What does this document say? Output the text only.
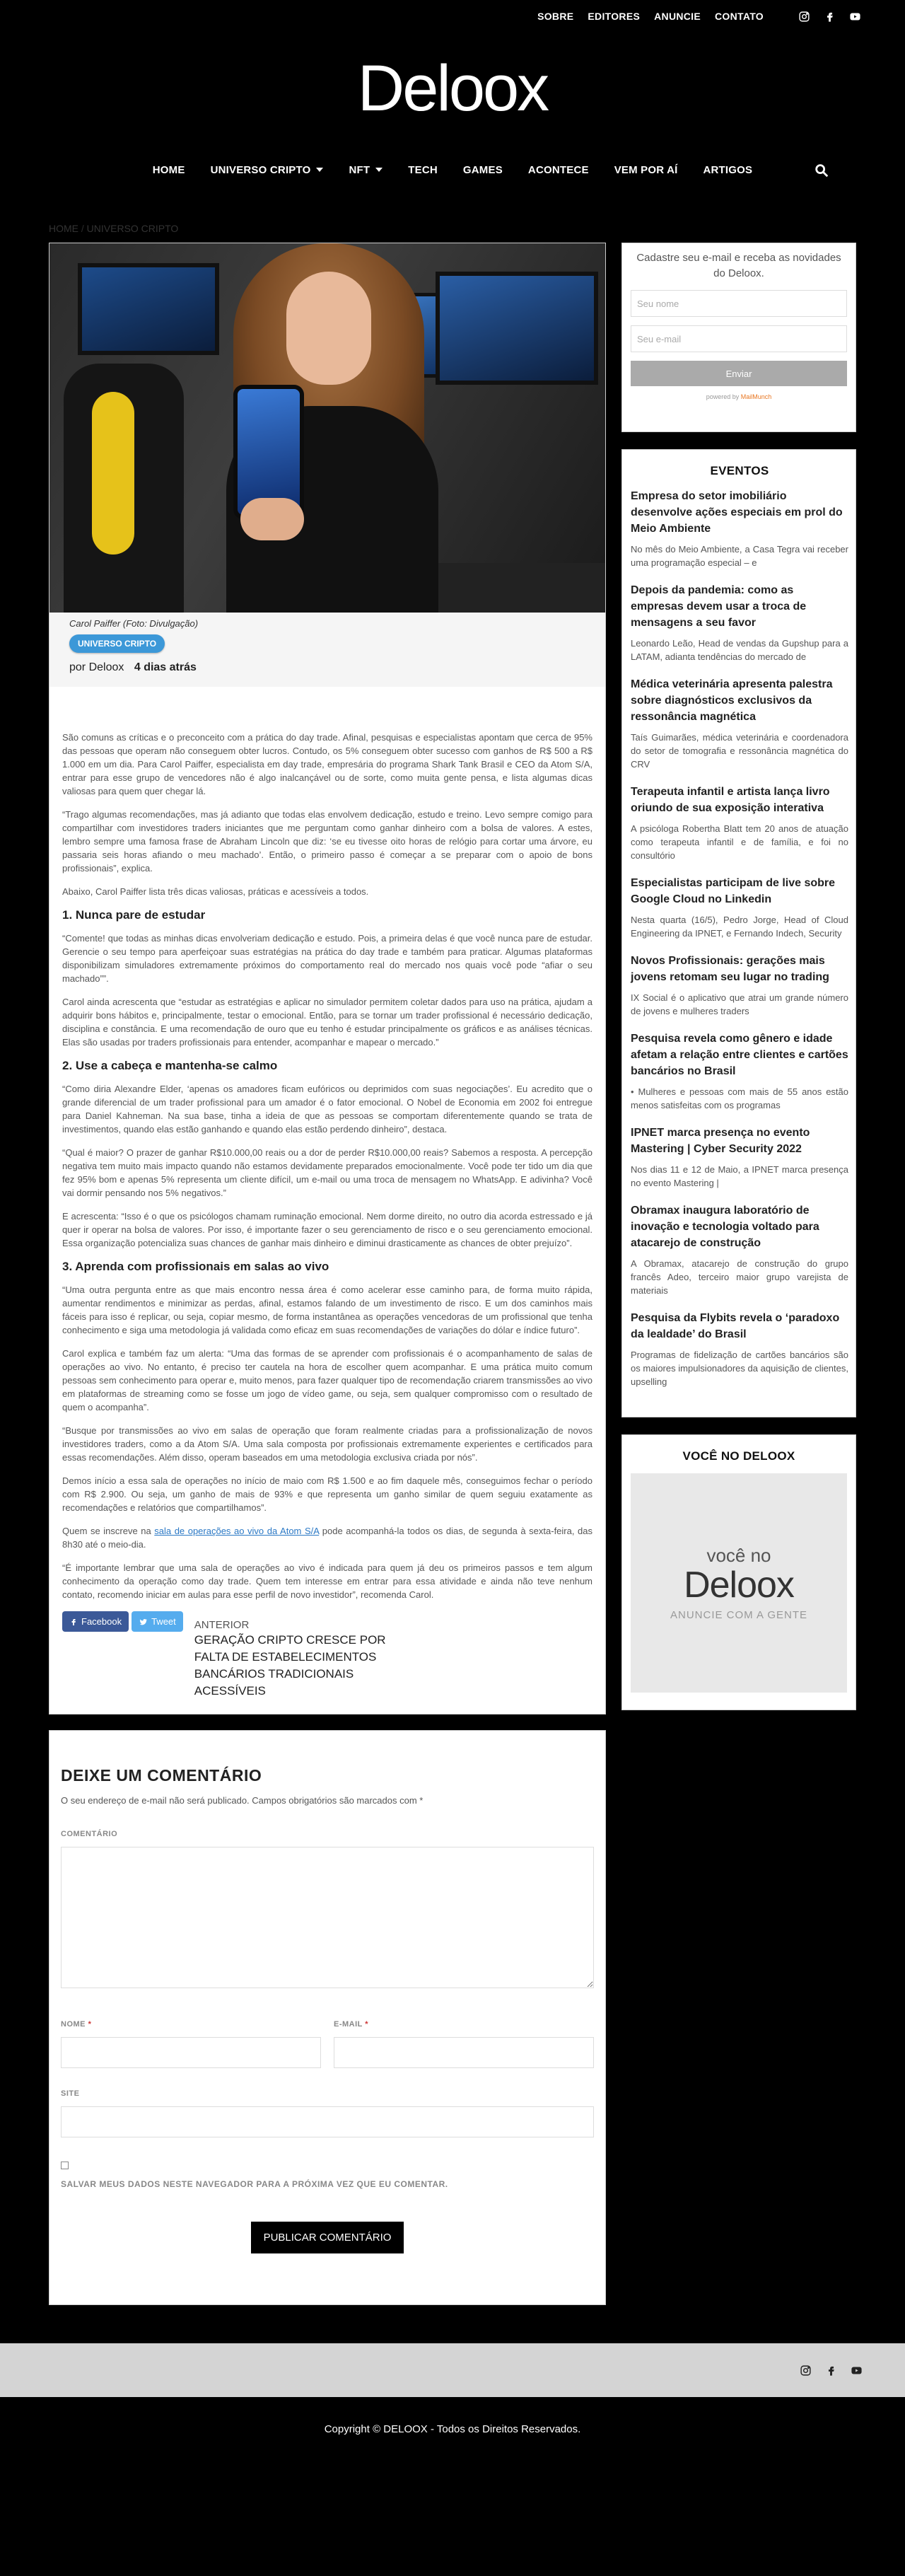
SOBRE EDITORES ANUNCIE CONTATO
Deloox
HOME UNIVERSO CRIPTO	NFT	TECH GAMES ACONTECE VEM POR AÍ ARTIGOS
HOME / UNIVERSO CRIPTO
Carol Paiffer (Foto: Divulgação)
UNIVERSO CRIPTO
por Deloox 4 dias atrás

São comuns as críticas e o preconceito com a prática do day trade. Afinal, pesquisas e especialistas apontam que cerca de 95% das pessoas que operam não conseguem obter lucros. Contudo, os 5% conseguem obter sucesso com ganhos de R$ 500 a R$ 1.000 em um dia. Para Carol Paiffer, especialista em day trade, empresária do programa Shark Tank Brasil e CEO da Atom S/A, entrar para esse grupo de vencedores não é algo inalcançável ou de sorte, como muita gente pensa, e lista algumas dicas valiosas para quem quer chegar lá.

“Trago algumas recomendações, mas já adianto que todas elas envolvem dedicação, estudo e treino. Levo sempre comigo para compartilhar com investidores traders iniciantes que me perguntam como ganhar dinheiro com a bolsa de valores. A estes, lembro sempre uma famosa frase de Abraham Lincoln que diz: ‘se eu tivesse oito horas de relógio para cortar uma árvore, eu passaria seis horas afiando o meu machado’. Então, o primeiro passo é começar a se preparar com o apoio de bons profissionais”, explica.

Abaixo, Carol Paiffer lista três dicas valiosas, práticas e acessíveis a todos.

1. Nunca pare de estudar

“Comente! que todas as minhas dicas envolveriam dedicação e estudo. Pois, a primeira delas é que você nunca pare de estudar. Gerencie o seu tempo para aperfeiçoar suas estratégias na prática do day trade e também para praticar. Algumas plataformas disponibilizam simuladores extremamente próximos do comportamento real do mercado nos quais você pode “afiar o seu machado””.

Carol ainda acrescenta que “estudar as estratégias e aplicar no simulador permitem coletar dados para uso na prática, ajudam a adquirir bons hábitos e, principalmente, testar o emocional. Então, para se tornar um trader profissional é necessário dedicação, disciplina e constância. E uma recomendação de ouro que eu tenho é estudar principalmente os gráficos e as análises técnicas. Elas são usadas por traders profissionais para entender, acompanhar e mapear o mercado.”

2. Use a cabeça e mantenha-se calmo

“Como diria Alexandre Elder, ‘apenas os amadores ficam eufóricos ou deprimidos com suas negociações’. Eu acredito que o grande diferencial de um trader profissional para um amador é o fator emocional. O Nobel de Economia em 2002 foi entregue para Daniel Kahneman. Na sua base, tinha a ideia de que as pessoas se comportam diferentemente quando se trata de investimentos, quando elas estão ganhando e quando elas estão perdendo dinheiro”, destaca.

“Qual é maior? O prazer de ganhar R$10.000,00 reais ou a dor de perder R$10.000,00 reais? Sabemos a resposta. A percepção negativa tem muito mais impacto quando não estamos devidamente preparados emocionalmente. Você pode ter tido um dia que fez 95% bom e apenas 5% representa um cliente difícil, um e-mail ou uma troca de mensagem no WhatsApp. E adivinha? Você vai dormir pensando nos 5% negativos.”

E acrescenta: “Isso é o que os psicólogos chamam ruminação emocional. Nem dorme direito, no outro dia acorda estressado e já quer ir operar na bolsa de valores. Por isso, é importante fazer o seu gerenciamento de risco e o seu gerenciamento emocional. Essa organização potencializa suas chances de ganhar mais dinheiro e diminui drasticamente as chances de obter prejuízo”.

3. Aprenda com profissionais em salas ao vivo

“Uma outra pergunta entre as que mais encontro nessa área é como acelerar esse caminho para, de forma muito rápida, aumentar rendimentos e minimizar as perdas, afinal, estamos falando de um investimento de risco. E um dos caminhos mais fáceis para isso é replicar, ou seja, copiar mesmo, de forma instantânea as operações vencedoras de um profissional que tenha conhecimento e siga uma metodologia já validada como eficaz em suas recomendações de variações do dólar e índice futuro”.

Carol explica e também faz um alerta: “Uma das formas de se aprender com profissionais é o acompanhamento de salas de operações ao vivo. No entanto, é preciso ter cautela na hora de escolher quem acompanhar. E uma prática muito comum pessoas sem conhecimento para operar e, muito menos, para fazer qualquer tipo de recomendação criarem transmissões ao vivo em plataformas de streaming como se fosse um jogo de vídeo game, ou seja, sem qualquer compromisso com o resultado de quem o acompanha”.

“Busque por transmissões ao vivo em salas de operação que foram realmente criadas para a profissionalização de novos investidores traders, como a da Atom S/A. Uma sala composta por profissionais extremamente experientes e certificados para essas recomendações. Além disso, operam baseados em uma metodologia exclusiva criada por nós”.

Demos início a essa sala de operações no início de maio com R$ 1.500 e ao fim daquele mês, conseguimos fechar o período com R$ 2.900. Ou seja, um ganho de mais de 93% e que representa um ganho similar de quem seguiu exatamente as recomendações e relatórios que compartilhamos”.

Quem se inscreve na sala de operações ao vivo da Atom S/A pode acompanhá-la todos os dias, de segunda à sexta-feira, das 8h30 até o meio-dia.

“É importante lembrar que uma sala de operações ao vivo é indicada para quem já deu os primeiros passos e tem algum conhecimento da operação como day trade. Quem tem interesse em entrar para essa atividade e ainda não teve nenhum contato, recomendo iniciar em aulas para esse perfil de novo investidor”, recomenda Carol.

Facebook	Tweet ANTERIOR
GERAÇÃO CRIPTO CRESCE POR FALTA DE ESTABELECIMENTOS BANCÁRIOS TRADICIONAIS ACESSÍVEIS
DEIXE UM COMENTÁRIO
O seu endereço de e-mail não será publicado. Campos obrigatórios são marcados com *
COMENTÁRIO
NOME *	E-MAIL *
SITE
SALVAR MEUS DADOS NESTE NAVEGADOR PARA A PRÓXIMA VEZ QUE EU COMENTAR.
PUBLICAR COMENTÁRIO
Cadastre seu e-mail e receba as novidades do Deloox.
Seu nome
Seu e-mail
Enviar
powered by MailMunch
EVENTOS
Empresa do setor imobiliário desenvolve ações especiais em prol do Meio Ambiente
No mês do Meio Ambiente, a Casa Tegra vai receber uma programação especial – e
Depois da pandemia: como as empresas devem usar a troca de mensagens a seu favor
Leonardo Leão, Head de vendas da Gupshup para a LATAM, adianta tendências do mercado de
Médica veterinária apresenta palestra sobre diagnósticos exclusivos da ressonância magnética
Taís Guimarães, médica veterinária e coordenadora do setor de tomografia e ressonância magnética do CRV
Terapeuta infantil e artista lança livro oriundo de sua exposição interativa
A psicóloga Robertha Blatt tem 20 anos de atuação como terapeuta infantil e de família, e foi no consultório
Especialistas participam de live sobre Google Cloud no Linkedin
Nesta quarta (16/5), Pedro Jorge, Head of Cloud Engineering da IPNET, e Fernando Indech, Security
Novos Profissionais: gerações mais jovens retomam seu lugar no trading
IX Social é o aplicativo que atrai um grande número de jovens e mulheres traders
Pesquisa revela como gênero e idade afetam a relação entre clientes e cartões bancários no Brasil
• Mulheres e pessoas com mais de 55 anos estão menos satisfeitas com os programas
IPNET marca presença no evento Mastering | Cyber Security 2022
Nos dias 11 e 12 de Maio, a IPNET marca presença no evento Mastering |
Obramax inaugura laboratório de inovação e tecnologia voltado para atacarejo de construção
A Obramax, atacarejo de construção do grupo francês Adeo, terceiro maior grupo varejista de materiais
Pesquisa da Flybits revela o ‘paradoxo da lealdade’ do Brasil
Programas de fidelização de cartões bancários são os maiores impulsionadores da aquisição de clientes, upselling
VOCÊ NO DELOOX
você no
Deloox
ANUNCIE COM A GENTE
Copyright © DELOOX - Todos os Direitos Reservados.
